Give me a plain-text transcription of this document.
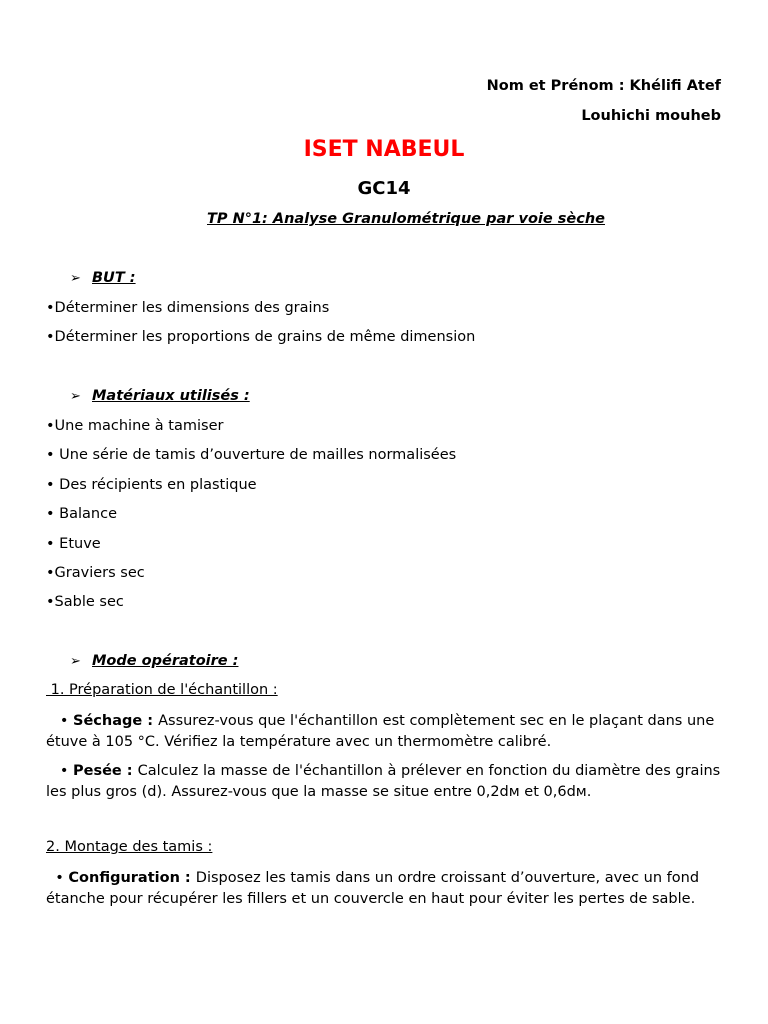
Nom et Prénom : Khélifi Atef
Louhichi mouheb
ISET NABEUL
GC14
TP N°1: Analyse Granulométrique par voie sèche
➢ BUT :
•Déterminer les dimensions des grains
•Déterminer les proportions de grains de même dimension
➢ Matériaux utilisés :
•Une machine à tamiser
• Une série de tamis d’ouverture de mailles normalisées
• Des récipients en plastique
• Balance
• Etuve
•Graviers sec
•Sable sec
➢ Mode opératoire :
1. Préparation de l'échantillon :
• Séchage : Assurez-vous que l'échantillon est complètement sec en le plaçant dans une étuve à 105 °C. Vérifiez la température avec un thermomètre calibré.
• Pesée : Calculez la masse de l'échantillon à prélever en fonction du diamètre des grains les plus gros (d). Assurez-vous que la masse se situe entre 0,2dᴍ et 0,6dᴍ.
2. Montage des tamis :
• Configuration : Disposez les tamis dans un ordre croissant d’ouverture, avec un fond étanche pour récupérer les fillers et un couvercle en haut pour éviter les pertes de sable.
